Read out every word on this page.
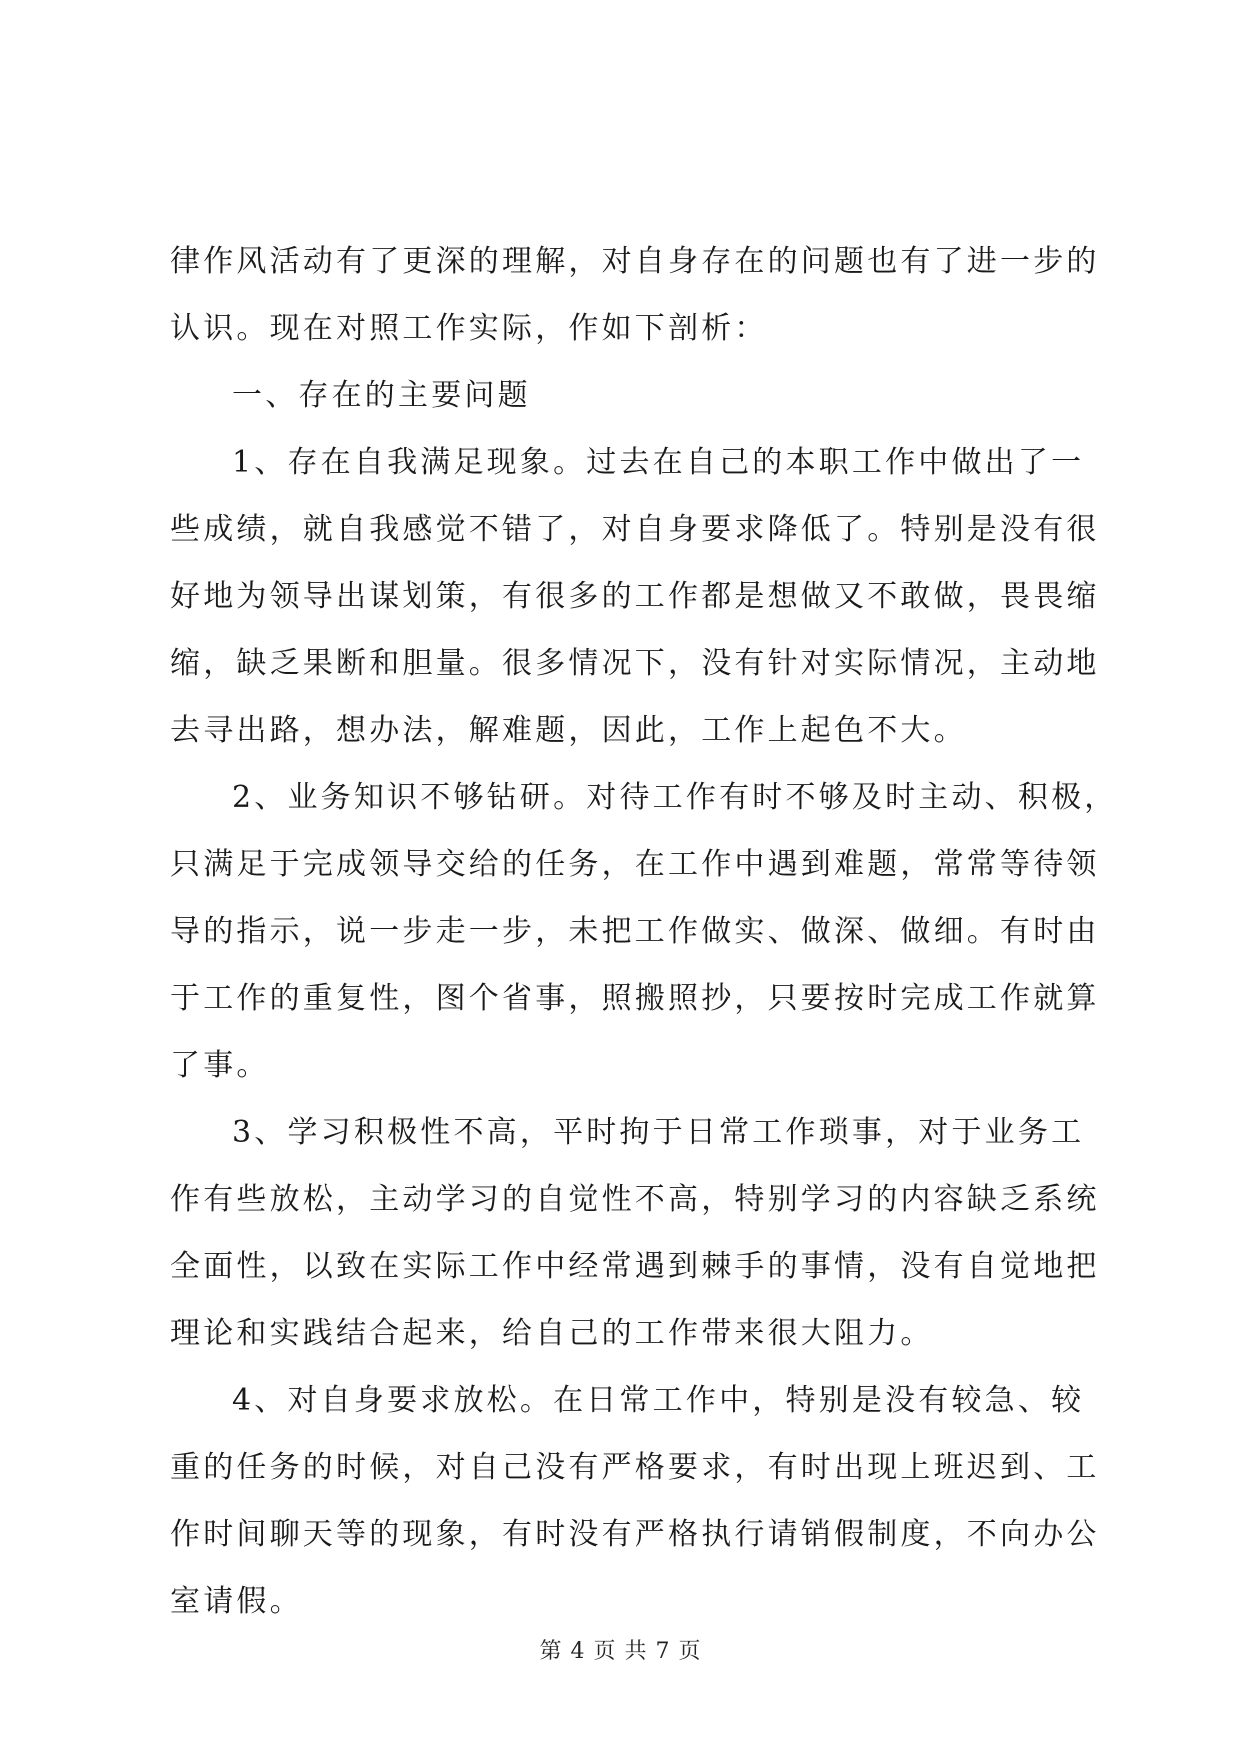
律作风活动有了更深的理解，对自身存在的问题也有了进一步的
认识。现在对照工作实际，作如下剖析：
一、存在的主要问题
1、存在自我满足现象。过去在自己的本职工作中做出了一
些成绩，就自我感觉不错了，对自身要求降低了。特别是没有很
好地为领导出谋划策，有很多的工作都是想做又不敢做，畏畏缩
缩，缺乏果断和胆量。很多情况下，没有针对实际情况，主动地
去寻出路，想办法，解难题，因此，工作上起色不大。
2、业务知识不够钻研。对待工作有时不够及时主动、积极，
只满足于完成领导交给的任务，在工作中遇到难题，常常等待领
导的指示，说一步走一步，未把工作做实、做深、做细。有时由
于工作的重复性，图个省事，照搬照抄，只要按时完成工作就算
了事。
3、学习积极性不高，平时拘于日常工作琐事，对于业务工
作有些放松，主动学习的自觉性不高，特别学习的内容缺乏系统
全面性，以致在实际工作中经常遇到棘手的事情，没有自觉地把
理论和实践结合起来，给自己的工作带来很大阻力。
4、对自身要求放松。在日常工作中，特别是没有较急、较
重的任务的时候，对自己没有严格要求，有时出现上班迟到、工
作时间聊天等的现象，有时没有严格执行请销假制度，不向办公
室请假。
第 4 页 共 7 页
